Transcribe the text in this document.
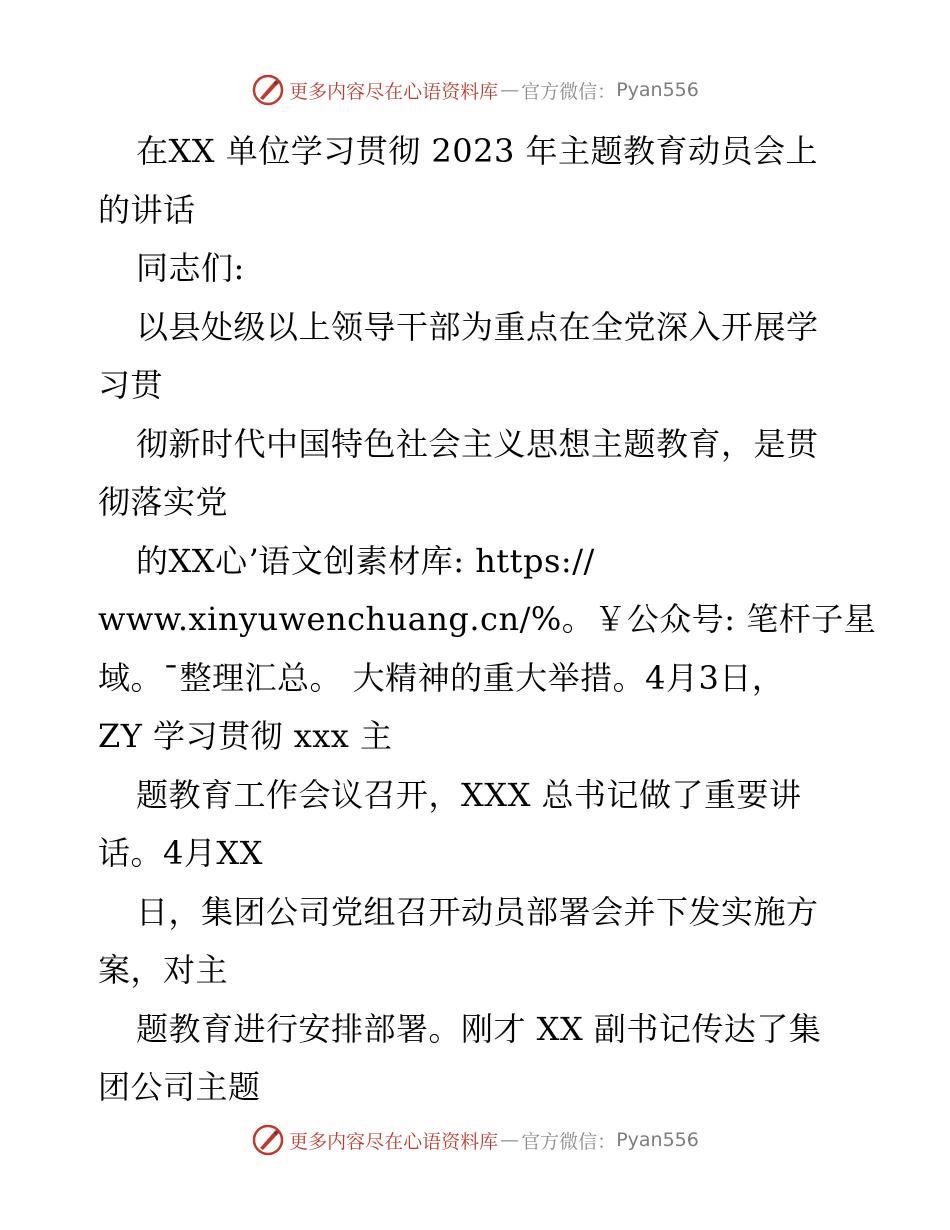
更多内容尽在心语资料库 — 官方微信： Pyan556
在XX 单位学习贯彻 2023 年主题教育动员会上
的讲话
同志们:
以县处级以上领导干部为重点在全党深入开展学
习贯
彻新时代中国特色社会主义思想主题教育，是贯
彻落实党
的XX心ʼ语文创素材库: https://
www.xinyuwenchuang.cn/%。￥公众号: 笔杆子星
域。¯整理汇总。 大精神的重大举措。4月3日，
ZY 学习贯彻 xxx 主
题教育工作会议召开，XXX 总书记做了重要讲
话。4月XX
日，集团公司党组召开动员部署会并下发实施方
案，对主
题教育进行安排部署。刚才 XX 副书记传达了集
团公司主题
更多内容尽在心语资料库 — 官方微信： Pyan556
